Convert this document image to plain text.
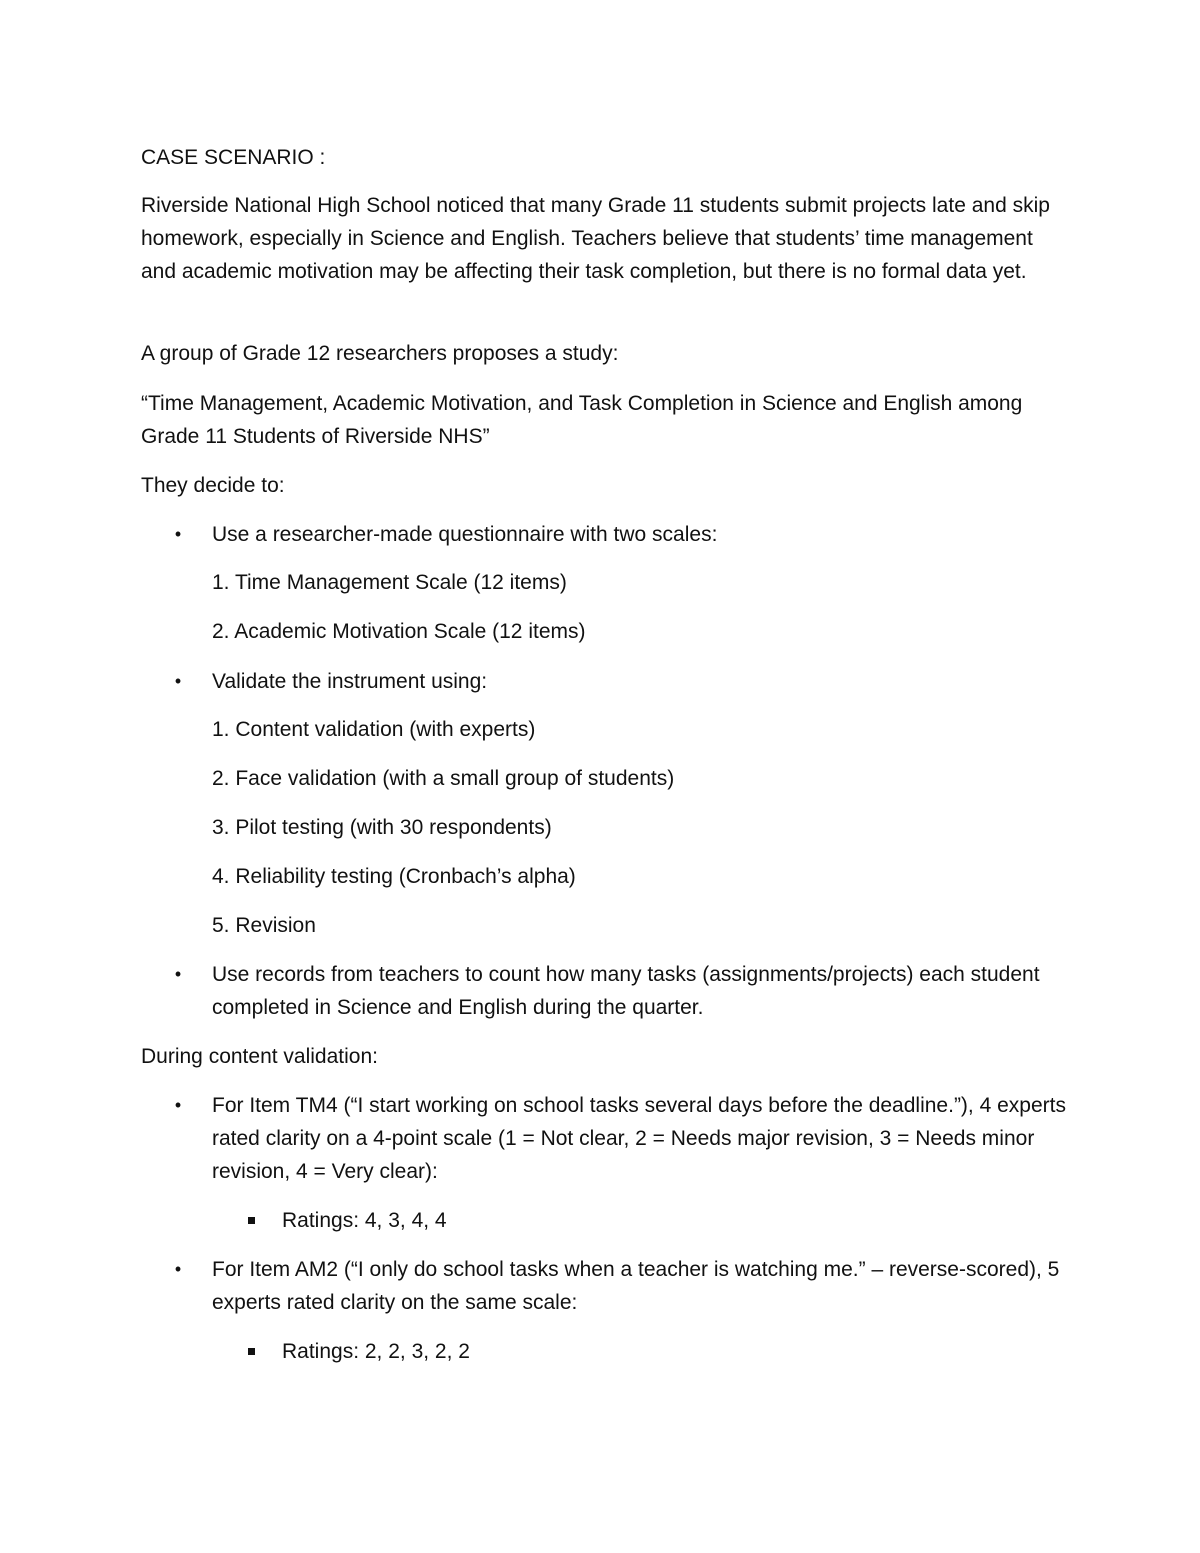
CASE SCENARIO :

Riverside National High School noticed that many Grade 11 students submit projects late and skip homework, especially in Science and English. Teachers believe that students’ time management and academic motivation may be affecting their task completion, but there is no formal data yet.

A group of Grade 12 researchers proposes a study:

“Time Management, Academic Motivation, and Task Completion in Science and English among Grade 11 Students of Riverside NHS”

They decide to:

• Use a researcher-made questionnaire with two scales:
1. Time Management Scale (12 items)
2. Academic Motivation Scale (12 items)
• Validate the instrument using:
1. Content validation (with experts)
2. Face validation (with a small group of students)
3. Pilot testing (with 30 respondents)
4. Reliability testing (Cronbach’s alpha)
5. Revision
• Use records from teachers to count how many tasks (assignments/projects) each student completed in Science and English during the quarter.

During content validation:

• For Item TM4 (“I start working on school tasks several days before the deadline.”), 4 experts rated clarity on a 4-point scale (1 = Not clear, 2 = Needs major revision, 3 = Needs minor revision, 4 = Very clear):
Ratings: 4, 3, 4, 4
• For Item AM2 (“I only do school tasks when a teacher is watching me.” – reverse-scored), 5 experts rated clarity on the same scale:
Ratings: 2, 2, 3, 2, 2
